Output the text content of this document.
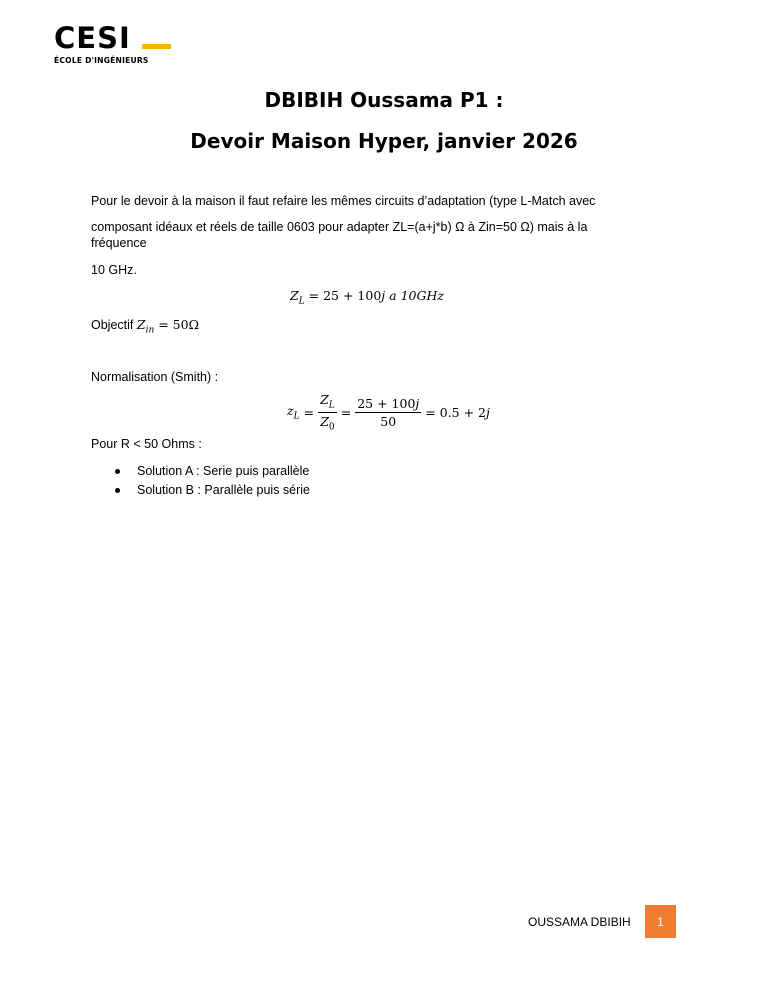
CESI
ÉCOLE D'INGÉNIEURS
DBIBIH Oussama P1 :
Devoir Maison Hyper, janvier 2026
Pour le devoir à la maison il faut refaire les mêmes circuits d’adaptation (type L-Match avec
composant idéaux et réels de taille 0603 pour adapter ZL=(a+j*b) Ω à Zin=50 Ω) mais à la
fréquence
10 GHz.
$Z_L = 25 + 100j$ a 10GHz
Objectif $Z_{in} = 50\Omega$
Normalisation (Smith) :
$z_L = \frac{Z_L}{Z_0} = \frac{25 + 100j}{50} = 0.5 + 2$ j
Pour R < 50 Ohms :
Solution A : Serie puis parallèle
Solution B : Parallèle puis série
OUSSAMA DBIBIH	1
